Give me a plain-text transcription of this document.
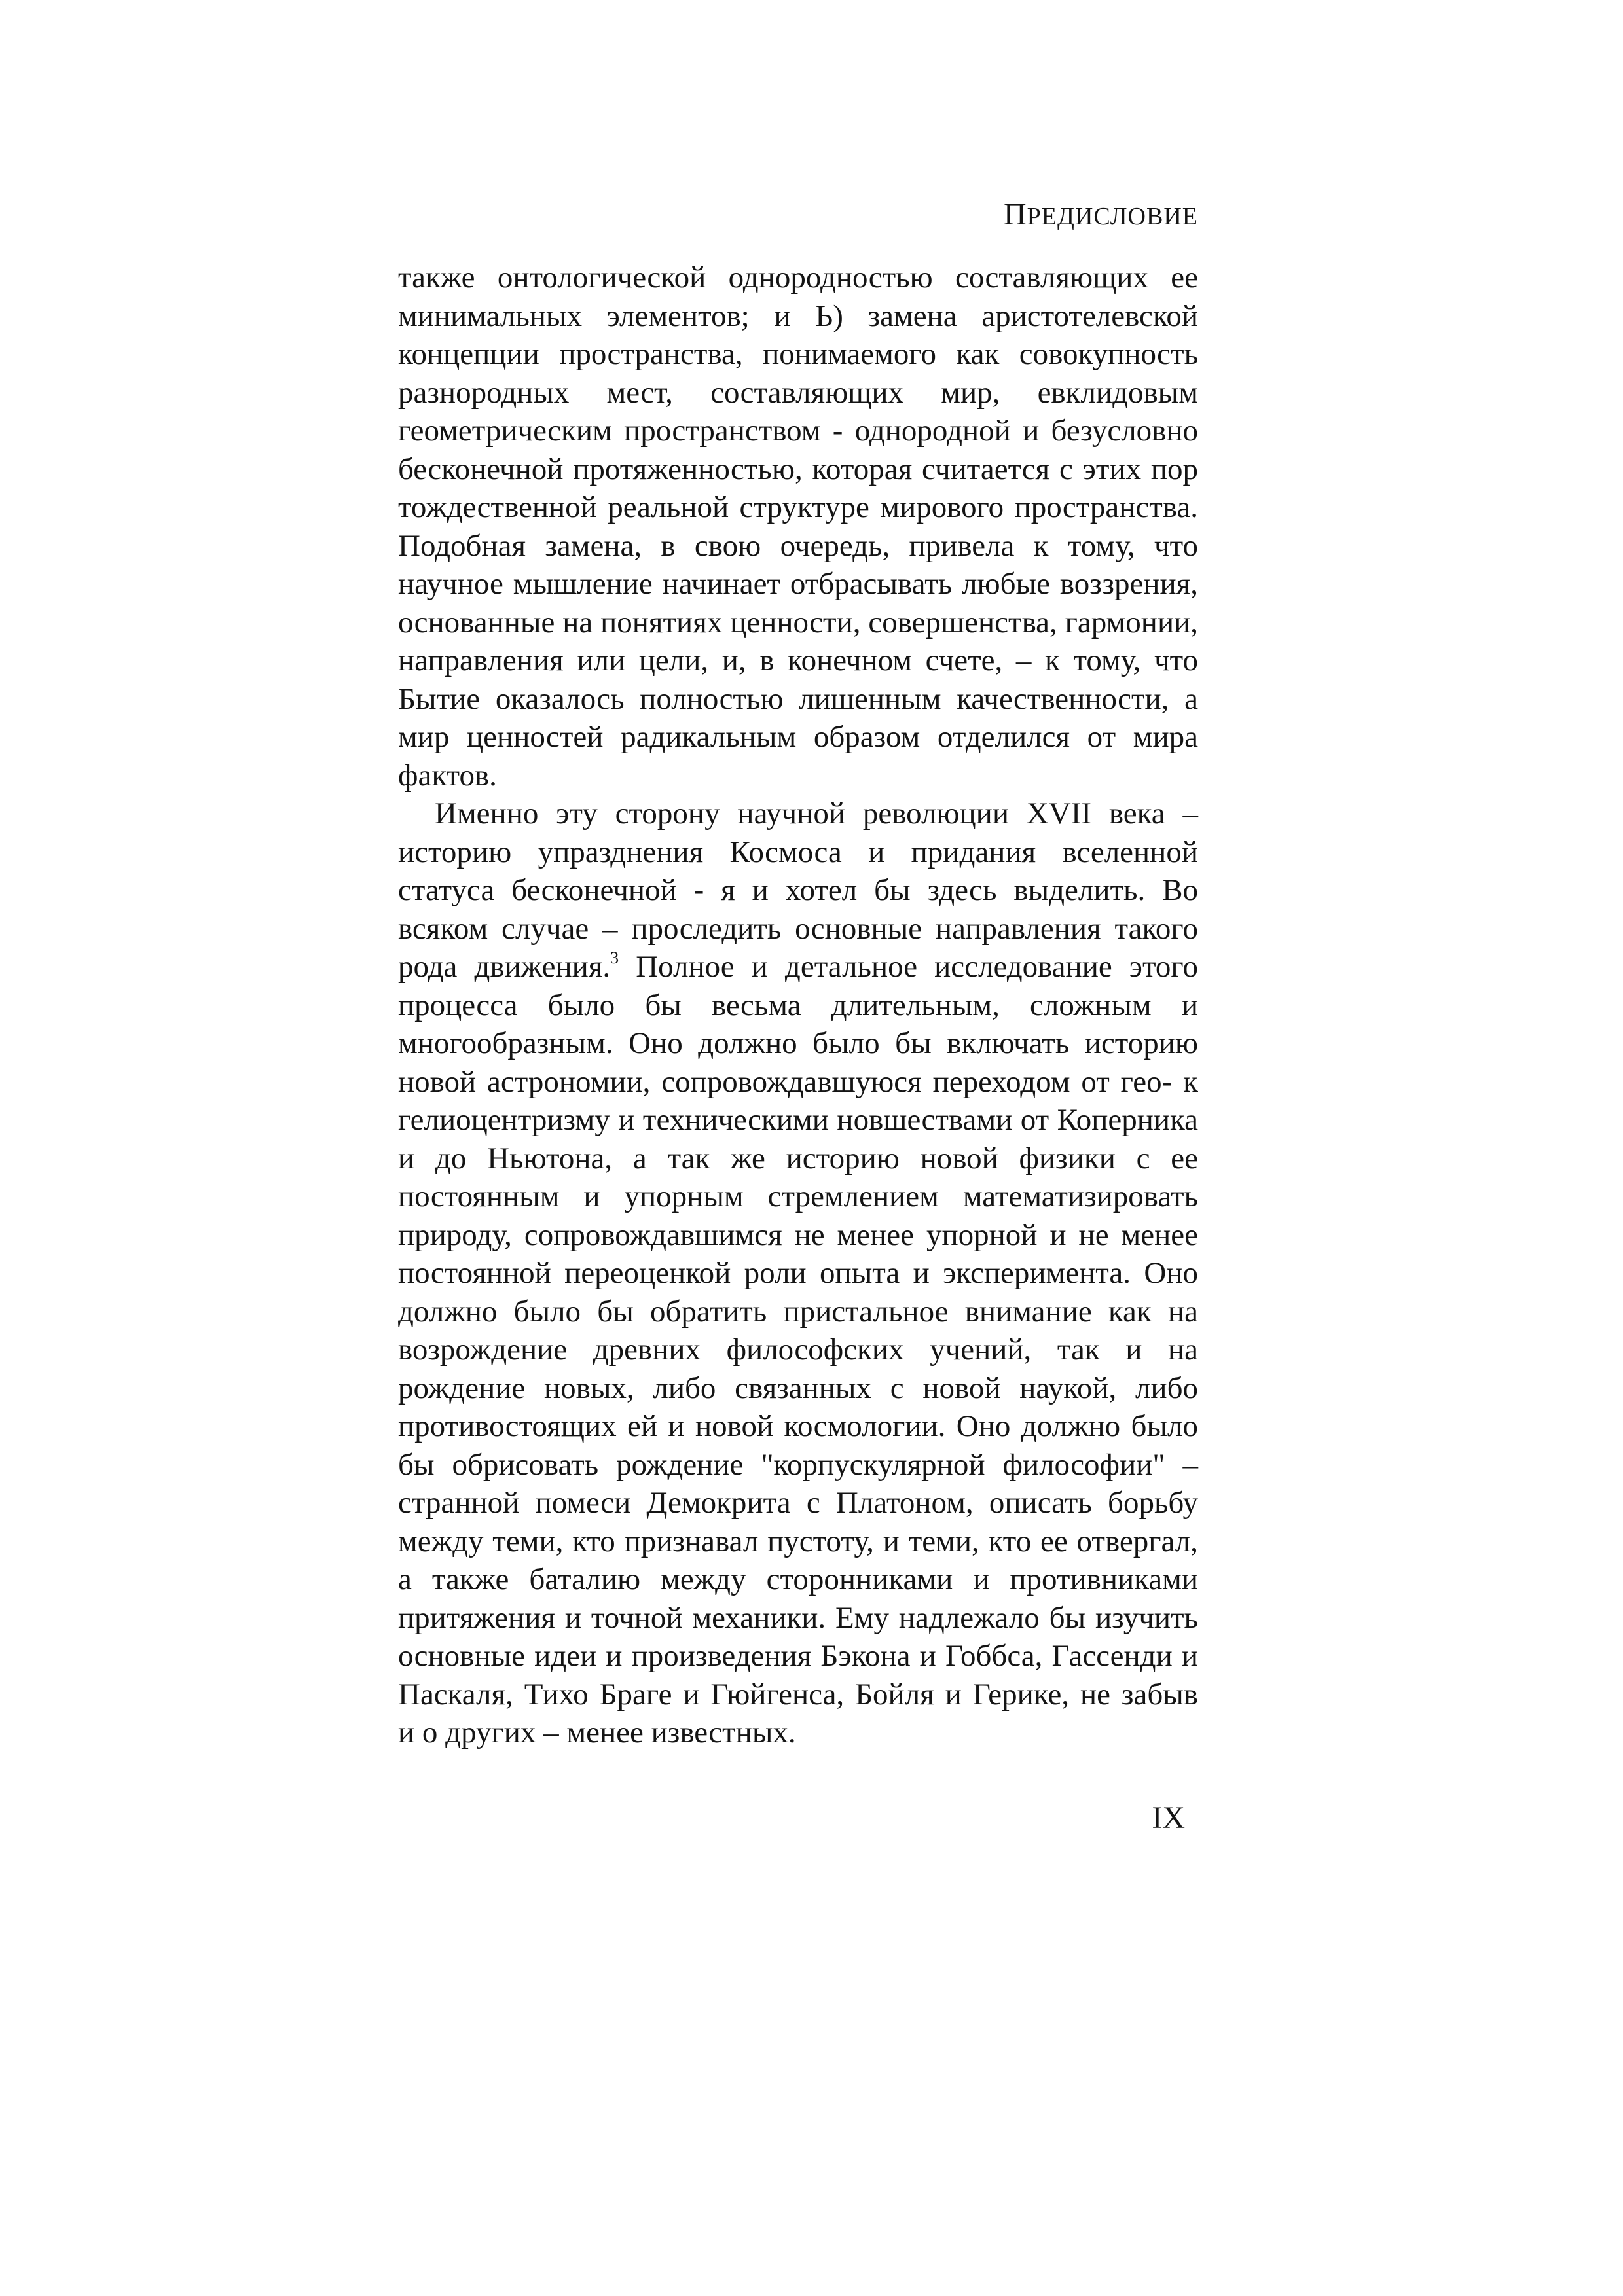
ПРЕДИСЛОВИЕ

также онтологической однородностью составляющих ее
минимальных элементов; и Ь) замена аристотелевской
концепции пространства, понимаемого как совокупность
разнородных мест, составляющих мир, евклидовым
геометрическим пространством - однородной и безусловно
бесконечной протяженностью, которая считается с этих пор
тождественной реальной структуре мирового пространства.
Подобная замена, в свою очередь, привела к тому, что
научное мышление начинает отбрасывать любые воззрения,
основанные на понятиях ценности, совершенства, гармонии,
направления или цели, и, в конечном счете, – к тому, что
Бытие оказалось полностью лишенным качественности, а
мир ценностей радикальным образом отделился от мира
фактов.

Именно эту сторону научной революции XVII века –
историю упразднения Космоса и придания вселенной
статуса бесконечной - я и хотел бы здесь выделить. Во
всяком случае – проследить основные направления такого
рода движения.$^3$ Полное и детальное исследование этого
процесса было бы весьма длительным, сложным и
многообразным. Оно должно было бы включать историю
новой астрономии, сопровождавшуюся переходом от гео- к
гелиоцентризму и техническими новшествами от Коперника
и до Ньютона, а так же историю новой физики с ее
постоянным и упорным стремлением математизировать
природу, сопровождавшимся не менее упорной и не менее
постоянной переоценкой роли опыта и эксперимента. Оно
должно было бы обратить пристальное внимание как на
возрождение древних философских учений, так и на
рождение новых, либо связанных с новой наукой, либо
противостоящих ей и новой космологии. Оно должно было
бы обрисовать рождение "корпускулярной философии" –
странной помеси Демокрита с Платоном, описать борьбу
между теми, кто признавал пустоту, и теми, кто ее отвергал,
а также баталию между сторонниками и противниками
притяжения и точной механики. Ему надлежало бы изучить
основные идеи и произведения Бэкона и Гоббса, Гассенди и
Паскаля, Тихо Браге и Гюйгенса, Бойля и Герике, не забыв
и о других – менее известных.

IX
